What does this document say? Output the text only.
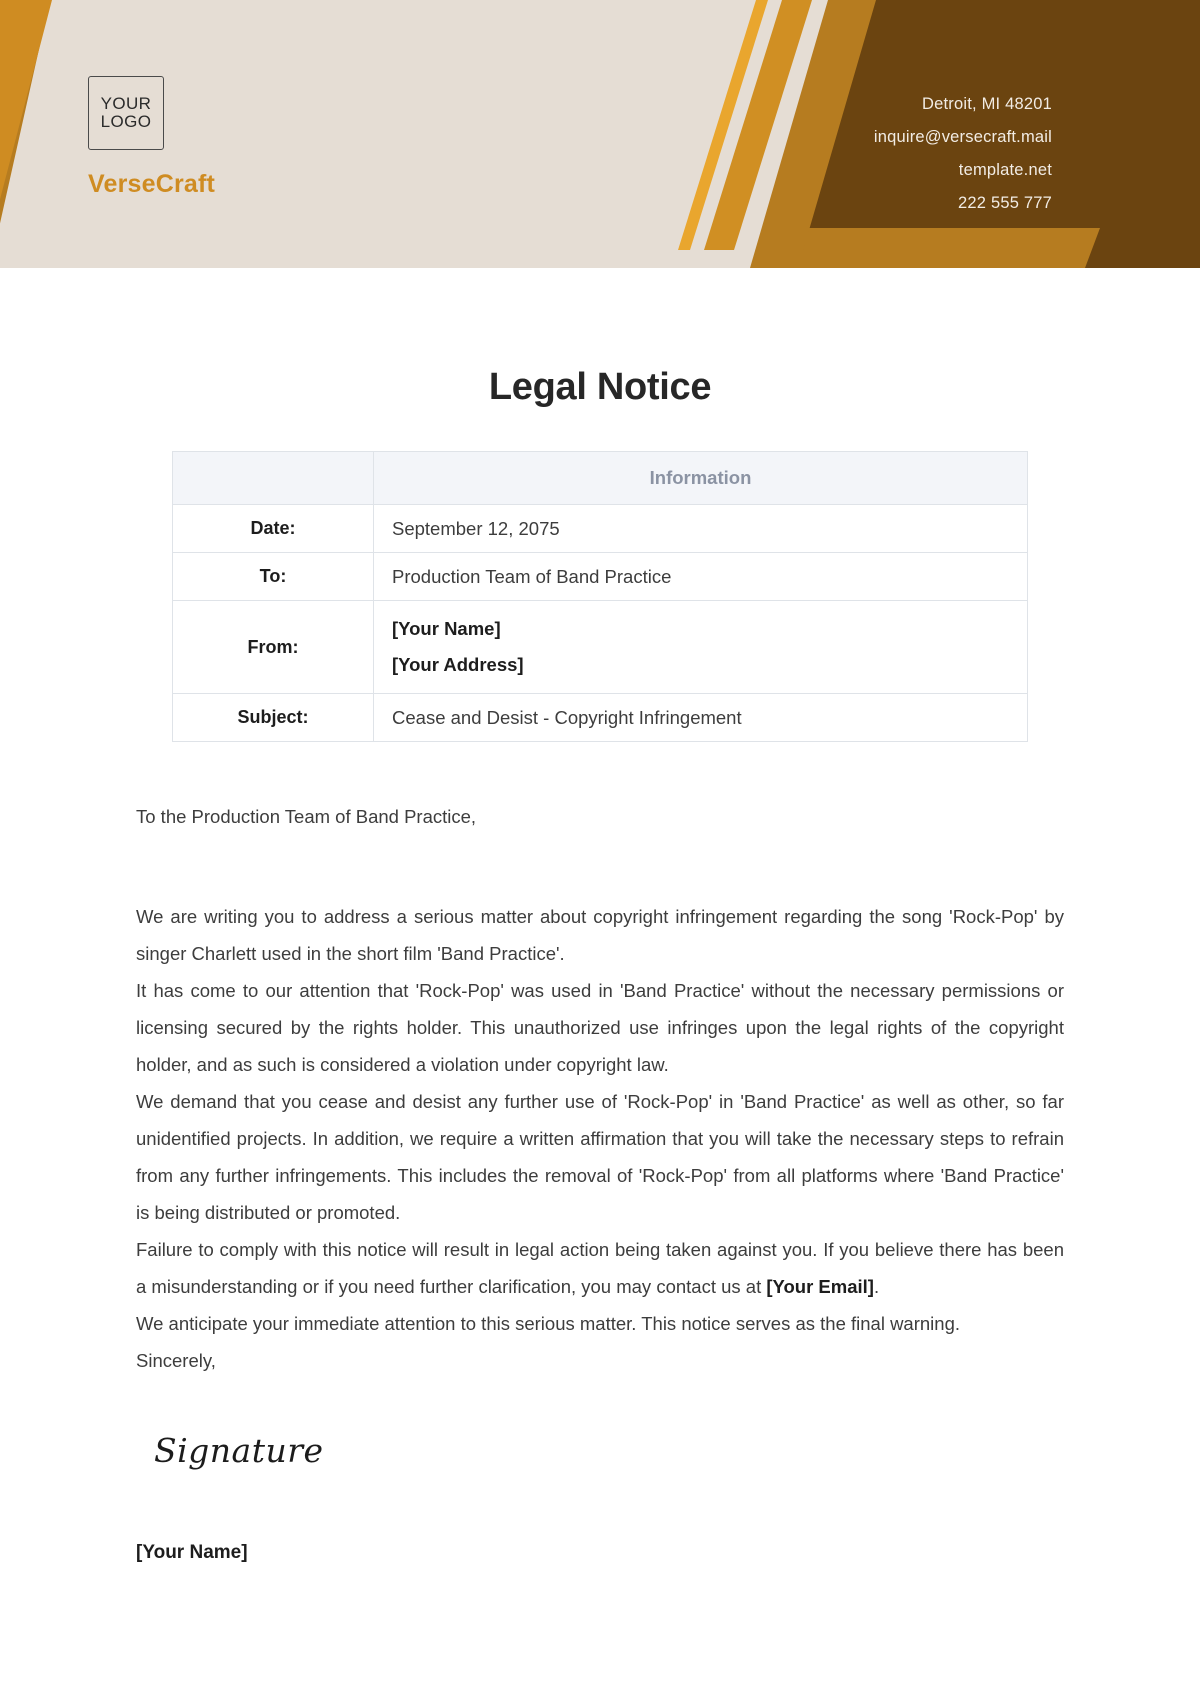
YOUR
LOGO
VerseCraft
Detroit, MI 48201
inquire@versecraft.mail
template.net
222 555 777
Legal Notice
	Information
Date:	September 12, 2075
To:	Production Team of Band Practice
From:	[Your Name]
[Your Address]

Subject:	Cease and Desist - Copyright Infringement

To the Production Team of Band Practice,

We are writing you to address a serious matter about copyright infringement regarding the song 'Rock-Pop' by singer Charlett used in the short film 'Band Practice'.

It has come to our attention that 'Rock-Pop' was used in 'Band Practice' without the necessary permissions or licensing secured by the rights holder. This unauthorized use infringes upon the legal rights of the copyright holder, and as such is considered a violation under copyright law.

We demand that you cease and desist any further use of 'Rock-Pop' in 'Band Practice' as well as other, so far unidentified projects. In addition, we require a written affirmation that you will take the necessary steps to refrain from any further infringements. This includes the removal of 'Rock-Pop' from all platforms where 'Band Practice' is being distributed or promoted.

Failure to comply with this notice will result in legal action being taken against you. If you believe there has been a misunderstanding or if you need further clarification, you may contact us at [Your Email].

We anticipate your immediate attention to this serious matter. This notice serves as the final warning.

Sincerely,

Signature
[Your Name]
